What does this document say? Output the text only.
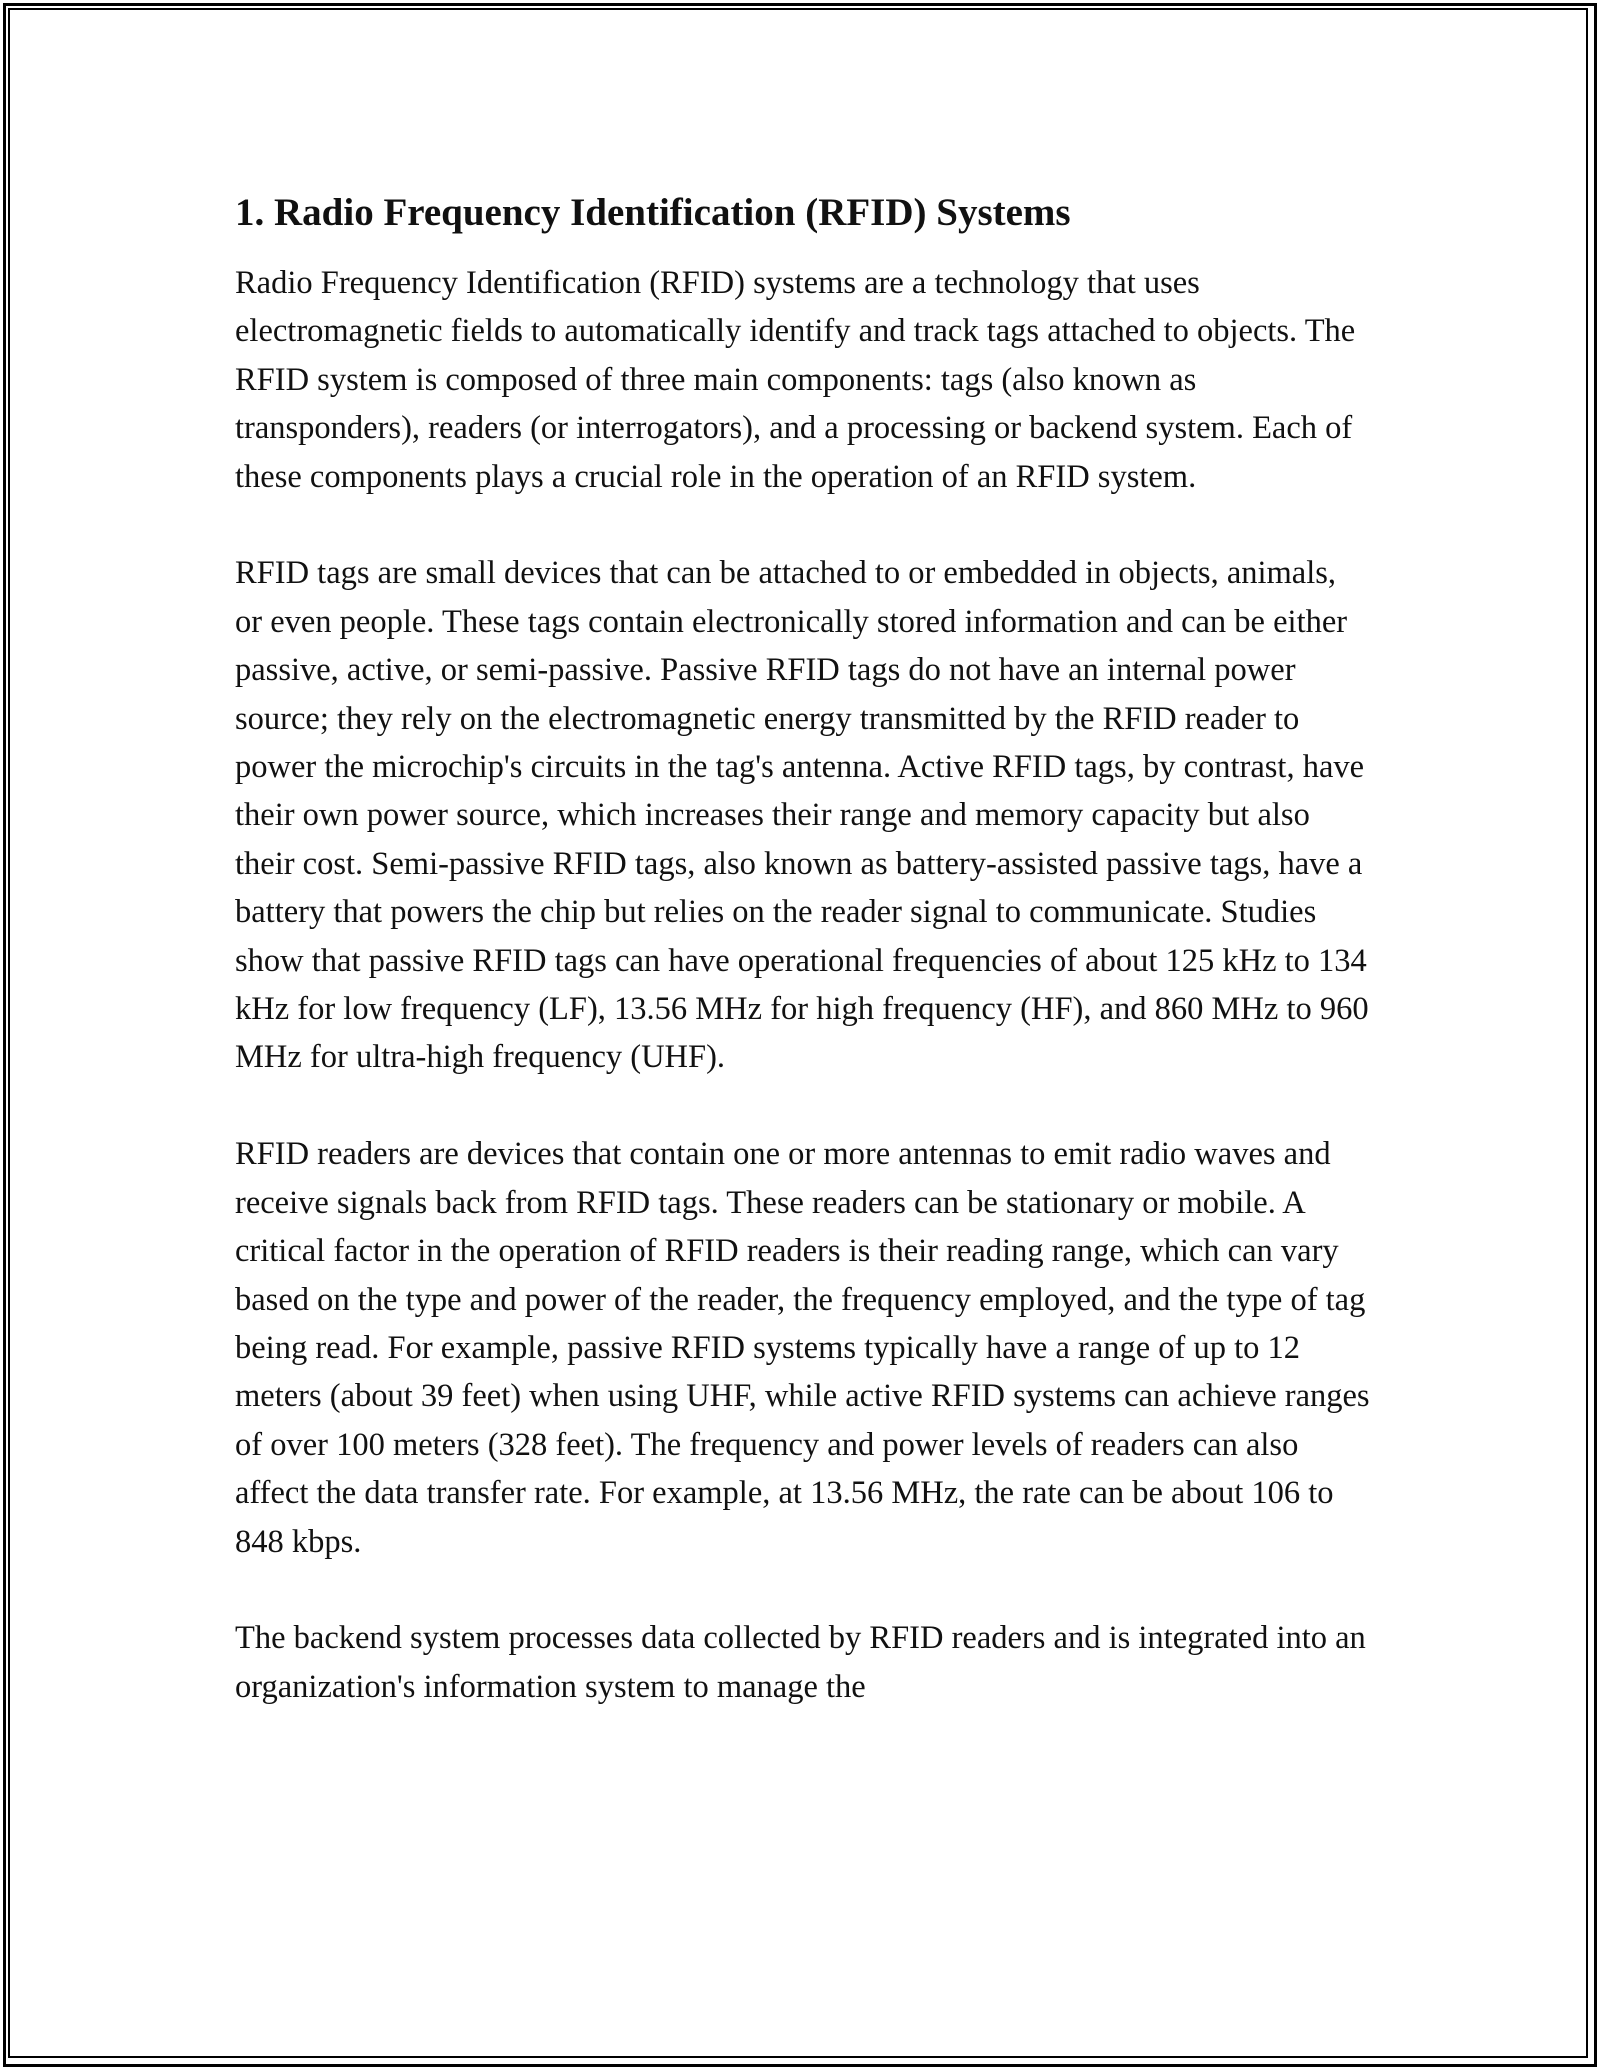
1. Radio Frequency Identification (RFID) Systems

Radio Frequency Identification (RFID) systems are a technology that uses electromagnetic fields to automatically identify and track tags attached to objects. The RFID system is composed of three main components: tags (also known as transponders), readers (or interrogators), and a processing or backend system. Each of these components plays a crucial role in the operation of an RFID system.

RFID tags are small devices that can be attached to or embedded in objects, animals, or even people. These tags contain electronically stored information and can be either passive, active, or semi-passive. Passive RFID tags do not have an internal power source; they rely on the electromagnetic energy transmitted by the RFID reader to power the microchip's circuits in the tag's antenna. Active RFID tags, by contrast, have their own power source, which increases their range and memory capacity but also their cost. Semi-passive RFID tags, also known as battery-assisted passive tags, have a battery that powers the chip but relies on the reader signal to communicate. Studies show that passive RFID tags can have operational frequencies of about 125 kHz to 134 kHz for low frequency (LF), 13.56 MHz for high frequency (HF), and 860 MHz to 960 MHz for ultra-high frequency (UHF).

RFID readers are devices that contain one or more antennas to emit radio waves and receive signals back from RFID tags. These readers can be stationary or mobile. A critical factor in the operation of RFID readers is their reading range, which can vary based on the type and power of the reader, the frequency employed, and the type of tag being read. For example, passive RFID systems typically have a range of up to 12 meters (about 39 feet) when using UHF, while active RFID systems can achieve ranges of over 100 meters (328 feet). The frequency and power levels of readers can also affect the data transfer rate. For example, at 13.56 MHz, the rate can be about 106 to 848 kbps.

The backend system processes data collected by RFID readers and is integrated into an organization's information system to manage the
